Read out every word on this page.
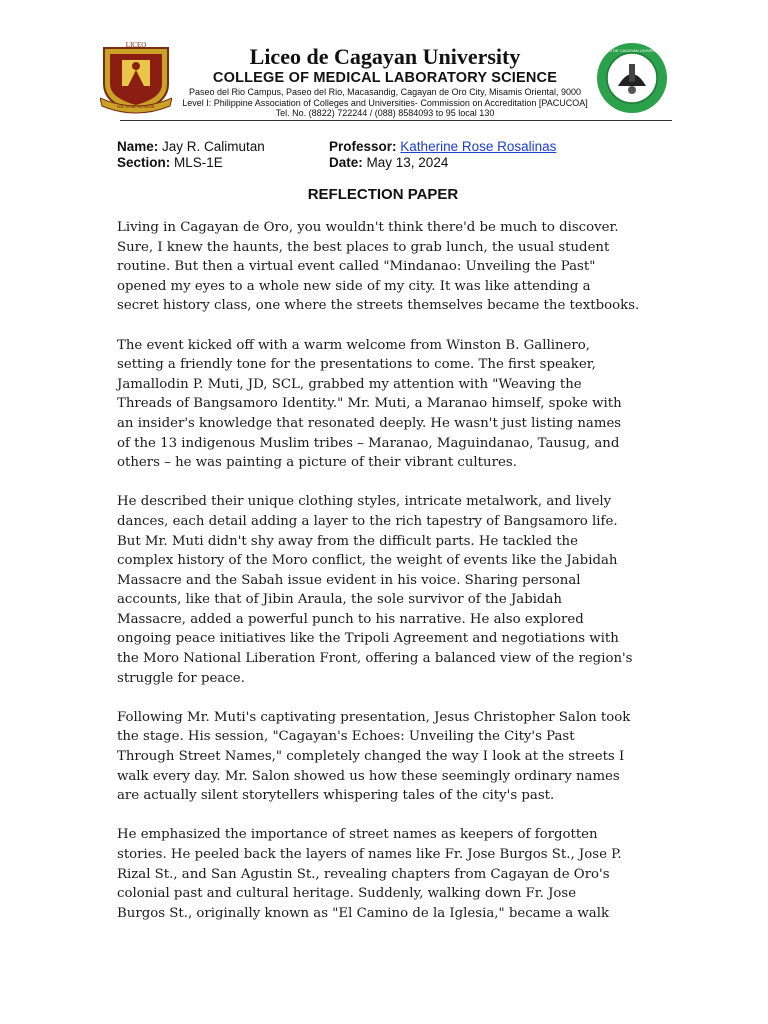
LICEO
NIL SINE NUMINE
Liceo de Cagayan University
COLLEGE OF MEDICAL LABORATORY SCIENCE
Paseo del Rio Campus, Paseo del Rio, Macasandig, Cagayan de Oro City, Misamis Oriental, 9000
Level I: Philippine Association of Colleges and Universities- Commission on Accreditation [PACUCOA]
Tel. No. (8822) 722244 / (088) 8584093 to 95 local 130
LICEO DE CAGAYAN UNIVERSITY
Name: Jay R. Calimutan
Section: MLS-1E
Professor: Katherine Rose Rosalinas
Date: May 13, 2024
REFLECTION PAPER

Living in Cagayan de Oro, you wouldn't think there'd be much to discover.
Sure, I knew the haunts, the best places to grab lunch, the usual student
routine. But then a virtual event called "Mindanao: Unveiling the Past"
opened my eyes to a whole new side of my city. It was like attending a
secret history class, one where the streets themselves became the textbooks.

The event kicked off with a warm welcome from Winston B. Gallinero,
setting a friendly tone for the presentations to come. The first speaker,
Jamallodin P. Muti, JD, SCL, grabbed my attention with "Weaving the
Threads of Bangsamoro Identity." Mr. Muti, a Maranao himself, spoke with
an insider's knowledge that resonated deeply. He wasn't just listing names
of the 13 indigenous Muslim tribes – Maranao, Maguindanao, Tausug, and
others – he was painting a picture of their vibrant cultures.

He described their unique clothing styles, intricate metalwork, and lively
dances, each detail adding a layer to the rich tapestry of Bangsamoro life.
But Mr. Muti didn't shy away from the difficult parts. He tackled the
complex history of the Moro conflict, the weight of events like the Jabidah
Massacre and the Sabah issue evident in his voice. Sharing personal
accounts, like that of Jibin Araula, the sole survivor of the Jabidah
Massacre, added a powerful punch to his narrative. He also explored
ongoing peace initiatives like the Tripoli Agreement and negotiations with
the Moro National Liberation Front, offering a balanced view of the region's
struggle for peace.

Following Mr. Muti's captivating presentation, Jesus Christopher Salon took
the stage. His session, "Cagayan's Echoes: Unveiling the City's Past
Through Street Names," completely changed the way I look at the streets I
walk every day. Mr. Salon showed us how these seemingly ordinary names
are actually silent storytellers whispering tales of the city's past.

He emphasized the importance of street names as keepers of forgotten
stories. He peeled back the layers of names like Fr. Jose Burgos St., Jose P.
Rizal St., and San Agustin St., revealing chapters from Cagayan de Oro's
colonial past and cultural heritage. Suddenly, walking down Fr. Jose
Burgos St., originally known as "El Camino de la Iglesia," became a walk
